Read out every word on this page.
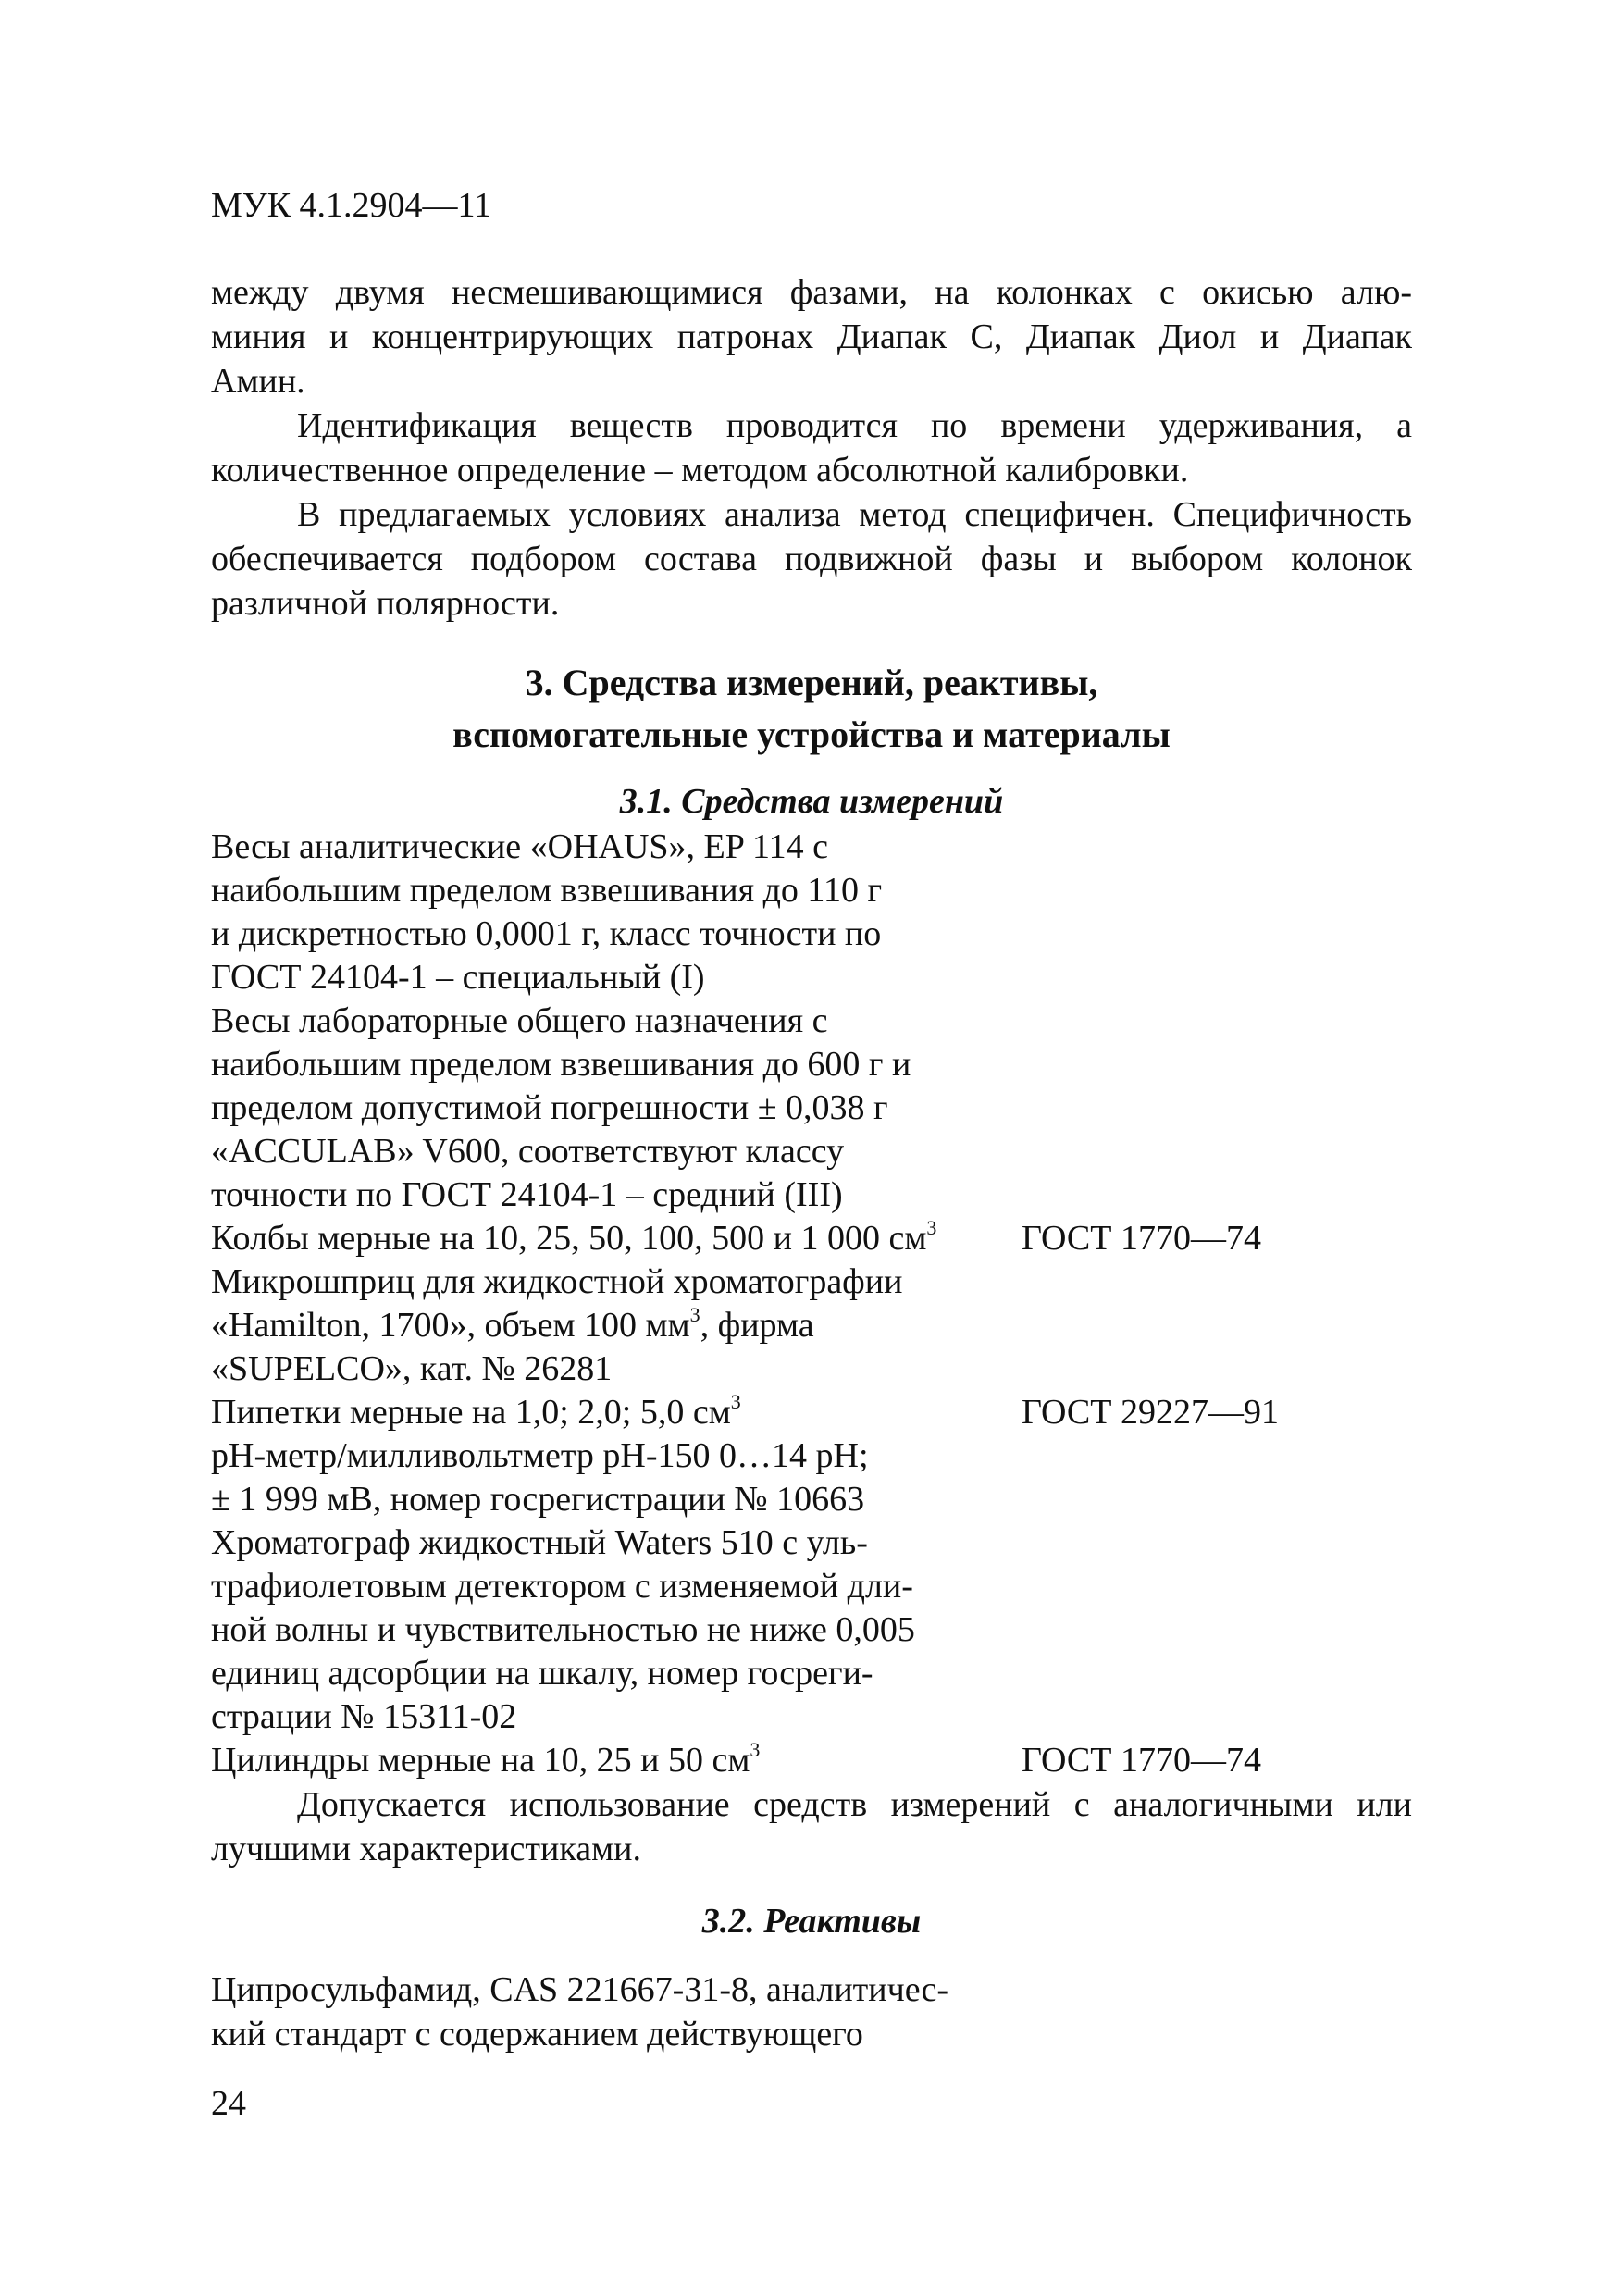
МУК 4.1.2904—11

между двумя несмешивающимися фазами, на колонках с окисью алю-
миния и концентрирующих патронах Диапак С, Диапак Диол и Диапак
Амин.

Идентификация веществ проводится по времени удерживания, а количественное определение – методом абсолютной калибровки.

В предлагаемых условиях анализа метод специфичен. Специфичность обеспечивается подбором состава подвижной фазы и выбором колонок различной полярности.

3. Средства измерений, реактивы,
вспомогательные устройства и материалы
3.1. Средства измерений
Весы аналитические «OHAUS», EP 114 с
наибольшим пределом взвешивания до 110 г
и дискретностью 0,0001 г, класс точности по
ГОСТ 24104-1 – специальный (I)
Весы лабораторные общего назначения с
наибольшим пределом взвешивания до 600 г и
пределом допустимой погрешности ± 0,038 г
«ACCULAB» V600, соответствуют классу
точности по ГОСТ 24104-1 – средний (III)
Колбы мерные на 10, 25, 50, 100, 500 и 1 000 $см^3$	ГОСТ 1770—74
Микрошприц для жидкостной хроматографии
«Hamilton, 1700», объем 100 $мм^3$, фирма
«SUPELCO», кат. № 26281
Пипетки мерные на 1,0; 2,0; 5,0 $см^3$	ГОСТ 29227—91
рН-метр/милливольтметр рН-150 0…14 pH;
± 1 999 мВ, номер госрегистрации № 10663
Хроматограф жидкостный Waters 510 с уль-
трафиолетовым детектором с изменяемой дли-
ной волны и чувствительностью не ниже 0,005
единиц адсорбции на шкалу, номер госреги-
страции № 15311-02
Цилиндры мерные на 10, 25 и 50 $см^3$	ГОСТ 1770—74

Допускается использование средств измерений с аналогичными или лучшими характеристиками.

3.2. Реактивы
Ципросульфамид, CAS 221667-31-8, аналитичес-
кий стандарт с содержанием действующего
24
